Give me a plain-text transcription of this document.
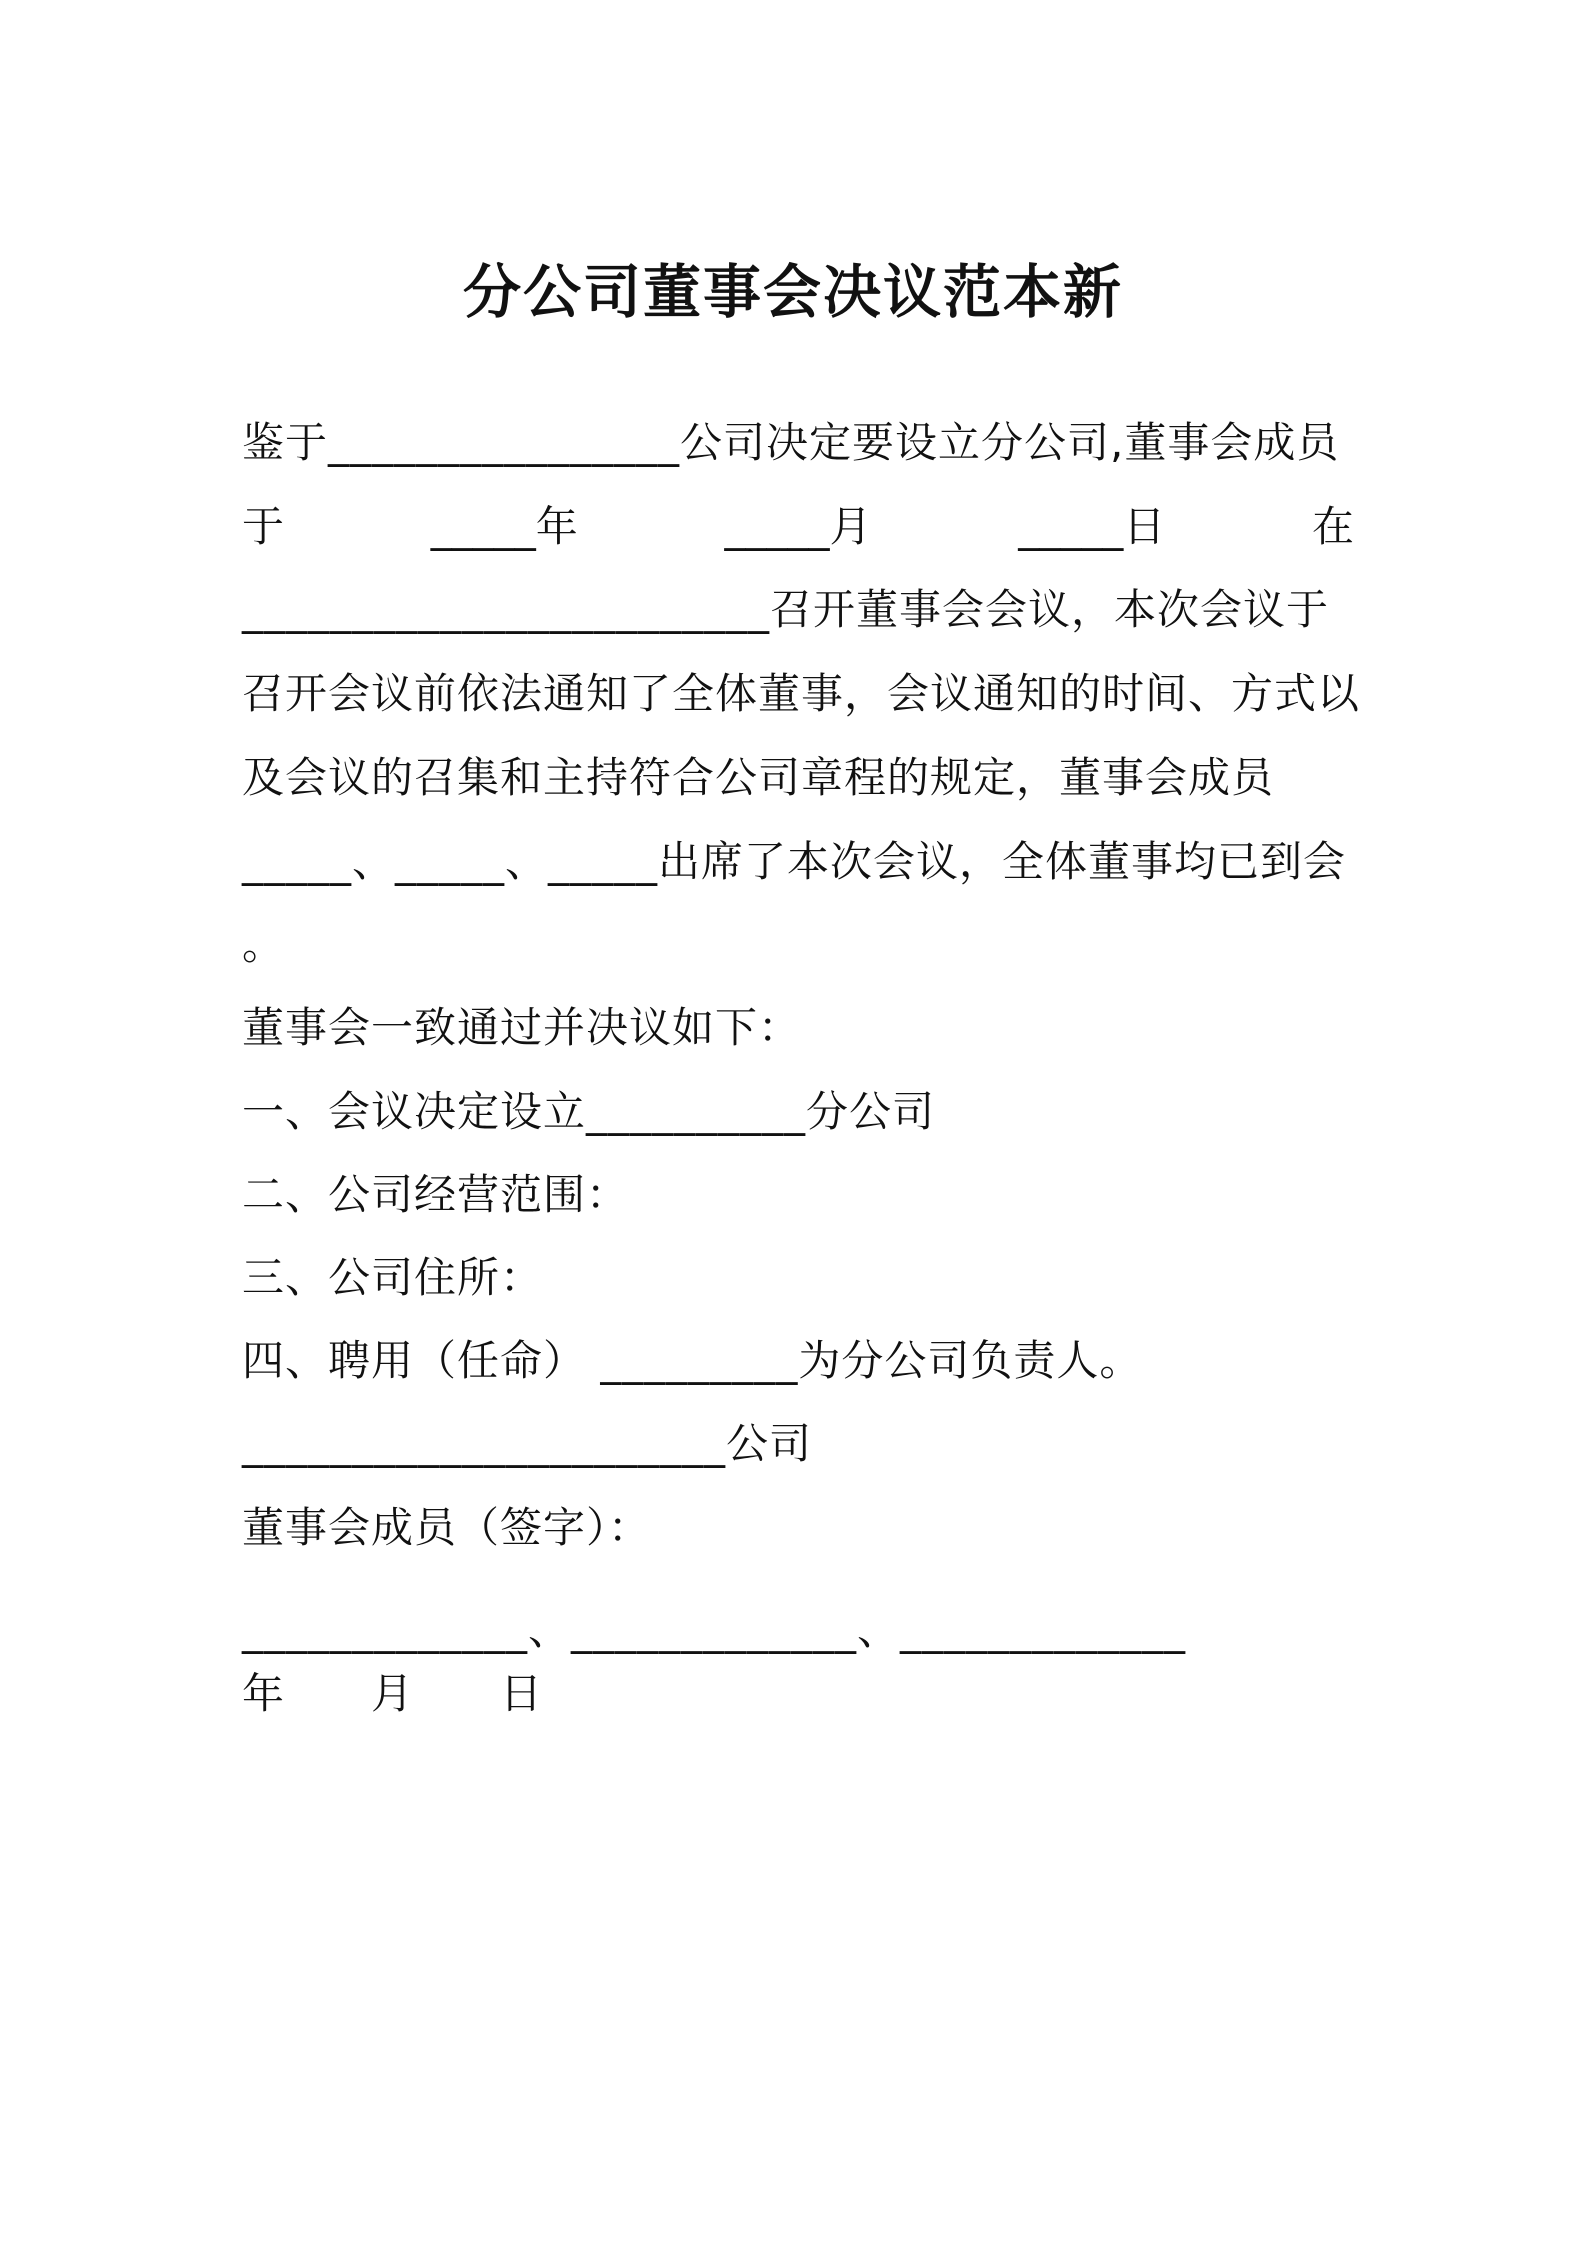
分公司董事会决议范本新
鉴于________________公司决定要设立分公司,董事会成员
于	_____年	_____月	_____日	在
________________________召开董事会会议，本次会议于
召开会议前依法通知了全体董事，会议通知的时间、方式以
及会议的召集和主持符合公司章程的规定，董事会成员
_____、_____、_____出席了本次会议，全体董事均已到会
。
董事会一致通过并决议如下：
一、会议决定设立__________分公司
二、公司经营范围：
三、公司住所：
四、聘用（任命） _________为分公司负责人。
______________________公司
董事会成员（签字）：
_____________、_____________、_____________
年　　月　　日
